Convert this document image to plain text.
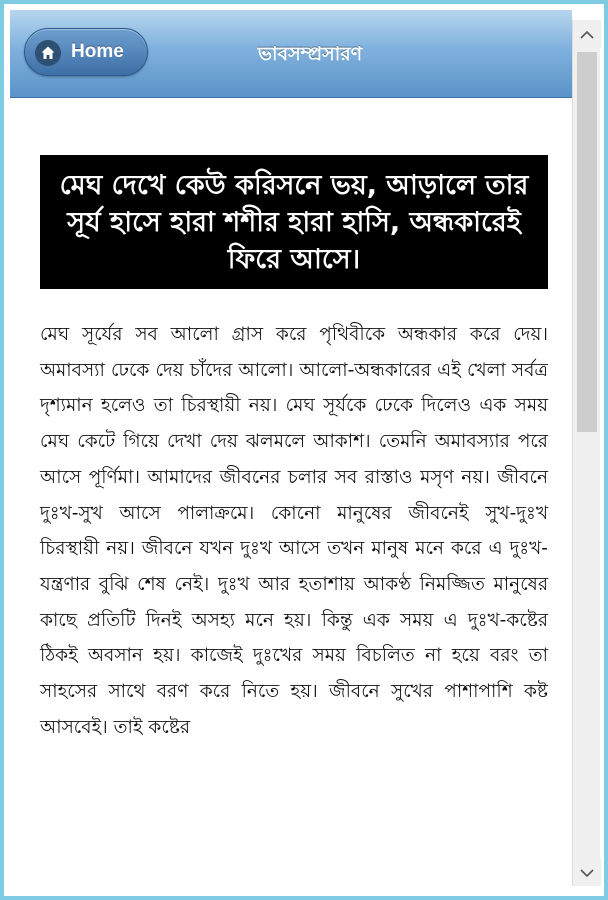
Home	ভাবসম্প্রসারণ
মেঘ দেখে কেউ করিসনে ভয়, আড়ালে তার সূর্য হাসে হারা শশীর হারা হাসি, অন্ধকারেই ফিরে আসে।
মেঘ সূর্যের সব আলো গ্রাস করে পৃথিবীকে অন্ধকার করে দেয়। অমাবস্যা ঢেকে দেয় চাঁদের আলো। আলো-অন্ধকারের এই খেলা সর্বত্র দৃশ্যমান হলেও তা চিরস্থায়ী নয়। মেঘ সূর্যকে ঢেকে দিলেও এক সময় মেঘ কেটে গিয়ে দেখা দেয় ঝলমলে আকাশ। তেমনি অমাবস্যার পরে আসে পূর্ণিমা। আমাদের জীবনের চলার সব রাস্তাও মসৃণ নয়। জীবনে দুঃখ-সুখ আসে পালাক্রমে। কোনো মানুষের জীবনেই সুখ-দুঃখ চিরস্থায়ী নয়। জীবনে যখন দুঃখ আসে তখন মানুষ মনে করে এ দুঃখ-যন্ত্রণার বুঝি শেষ নেই। দুঃখ আর হতাশায় আকণ্ঠ নিমজ্জিত মানুষের কাছে প্রতিটি দিনই অসহ্য মনে হয়। কিন্তু এক সময় এ দুঃখ-কষ্টের ঠিকই অবসান হয়। কাজেই দুঃখের সময় বিচলিত না হয়ে বরং তা সাহসের সাথে বরণ করে নিতে হয়। জীবনে সুখের পাশাপাশি কষ্ট আসবেই। তাই কষ্টের
